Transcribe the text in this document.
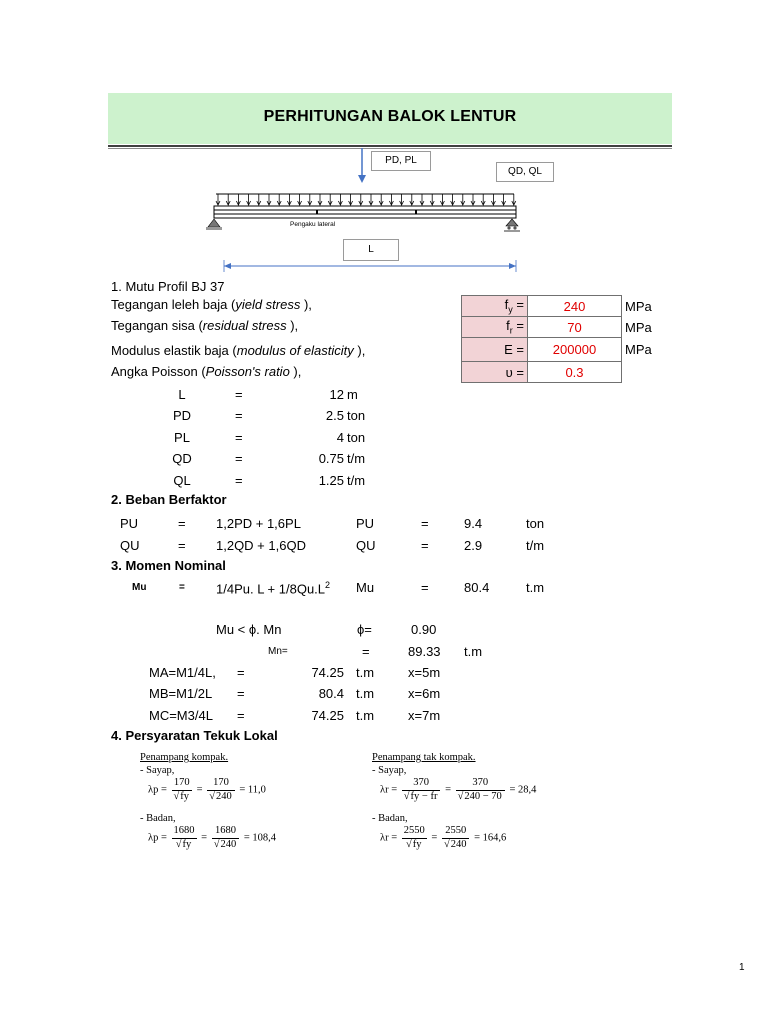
PERHITUNGAN BALOK LENTUR
Pengaku lateral
PD, PL
QD, QL
L
1. Mutu Profil BJ 37
Tegangan leleh baja (yield stress ),
Tegangan sisa (residual stress ),
Modulus elastik baja (modulus of elasticity ),
Angka Poisson (Poisson's ratio ),
$f_y$ =	240	MPa
$f_r$ =	70	MPa
E =	200000	MPa
υ =	0.3	
L	=	12 m
PD	=	2.5 ton
PL	=	4 ton
QD	=	0.75 t/m
QL	=	1.25 t/m
2. Beban Berfaktor
PU	= 1,2PD + 1,6PL	PU	=	9.4	ton
QU	= 1,2QD + 1,6QD	QU	=	2.9	t/m
3. Momen Nominal
Mu	= 1/4Pu. $L + 1/8Qu.L^2$ Mu	=	80.4	t.m
Mu < ϕ. Mn	ϕ=	0.90
Mn=	=	89.33 t.m
MA=M1/4L, =	74.25 t.m	x=5m
MB=M1/2L =	80.4 t.m	x=6m
MC=M3/4L =	74.25 t.m	x=7m
4. Persyaratan Tekuk Lokal
Penampang kompak.
- Sayap,
$\lambda p = \frac{170}{√fy} = \frac{170}{√240} = 11,0$
- Badan,
$\lambda p = \frac{1680}{√fy} = \frac{1680}{√240} = 108,4$
Penampang tak kompak.
- Sayap,
$\lambda r = \frac{370}{√fy - fr} = \frac{370}{√240 - 70} = 28,4$
- Badan,
$\lambda r = \frac{2550}{√fy} = \frac{2550}{√240} = 164,6$
1
